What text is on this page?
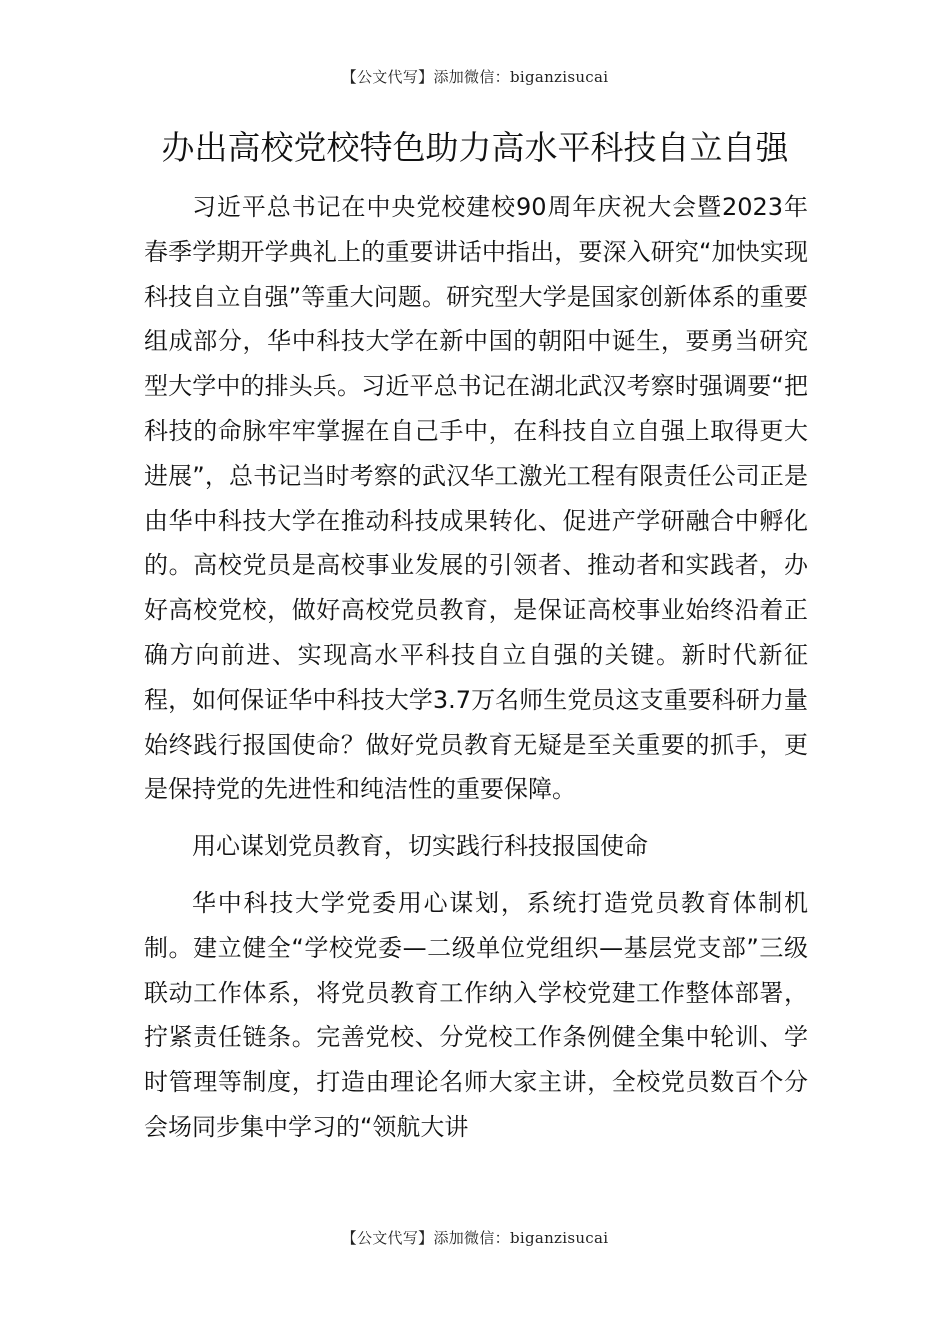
【公文代写】添加微信：biganzisucai
办出高校党校特色助力高水平科技自立自强

习近平总书记在中央党校建校90周年庆祝大会暨2023年春季学期开学典礼上的重要讲话中指出，要深入研究“加快实现科技自立自强”等重大问题。研究型大学是国家创新体系的重要组成部分，华中科技大学在新中国的朝阳中诞生，要勇当研究型大学中的排头兵。习近平总书记在湖北武汉考察时强调要“把科技的命脉牢牢掌握在自己手中，在科技自立自强上取得更大进展”，总书记当时考察的武汉华工激光工程有限责任公司正是由华中科技大学在推动科技成果转化、促进产学研融合中孵化的。高校党员是高校事业发展的引领者、推动者和实践者，办好高校党校，做好高校党员教育，是保证高校事业始终沿着正确方向前进、实现高水平科技自立自强的关键。新时代新征程，如何保证华中科技大学3.7万名师生党员这支重要科研力量始终践行报国使命？做好党员教育无疑是至关重要的抓手，更是保持党的先进性和纯洁性的重要保障。

用心谋划党员教育，切实践行科技报国使命

华中科技大学党委用心谋划，系统打造党员教育体制机制。建立健全“学校党委—二级单位党组织—基层党支部”三级联动工作体系，将党员教育工作纳入学校党建工作整体部署，拧紧责任链条。完善党校、分党校工作条例健全集中轮训、学时管理等制度，打造由理论名师大家主讲，全校党员数百个分会场同步集中学习的“领航大讲

【公文代写】添加微信：biganzisucai
